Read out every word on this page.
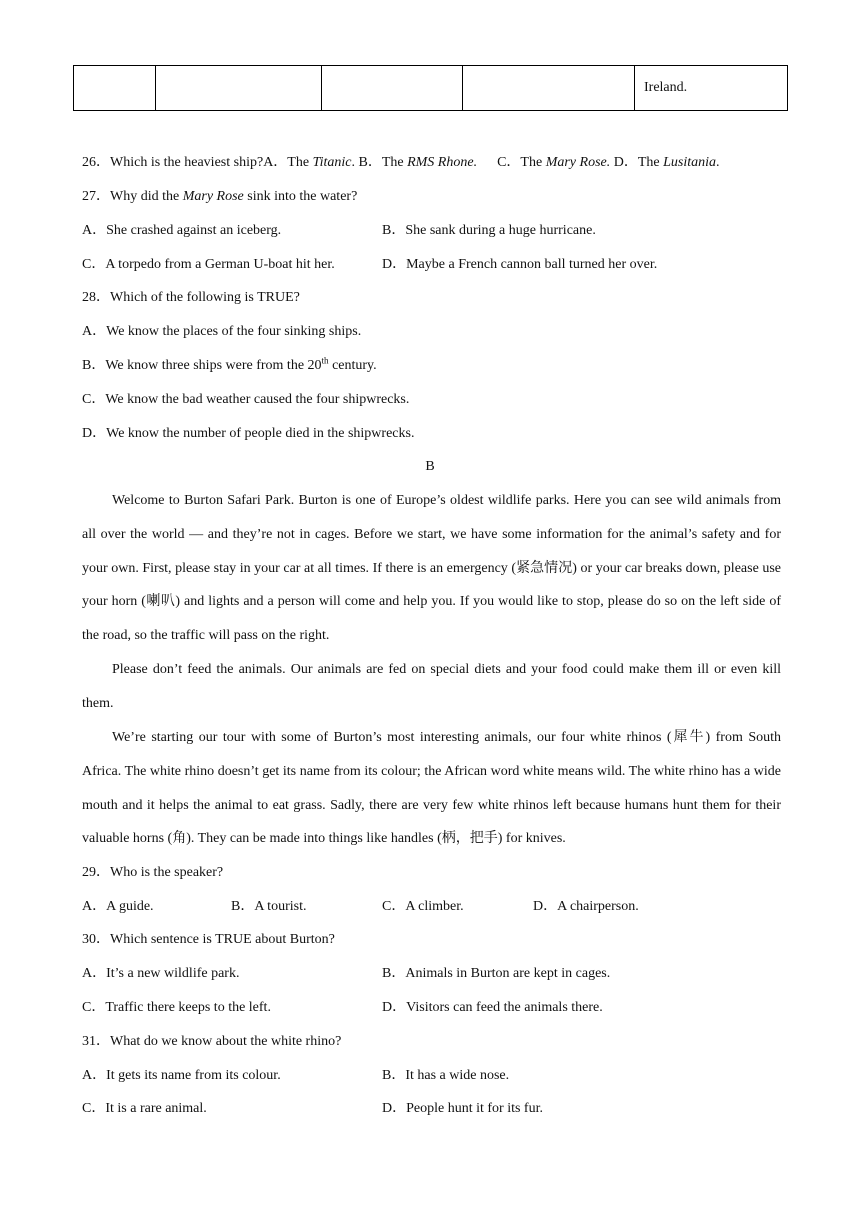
				Ireland.
26．Which is the heaviest ship?A．The Titanic. B．The RMS Rhone. C．The Mary Rose. D．The Lusitania.
27．Why did the Mary Rose sink into the water?
A．She crashed against an iceberg.	B．She sank during a huge hurricane.
C．A torpedo from a German U-boat hit her.	D．Maybe a French cannon ball turned her over.
28．Which of the following is TRUE?
A．We know the places of the four sinking ships.
B．We know three ships were from the 20th century.
C．We know the bad weather caused the four shipwrecks.
D．We know the number of people died in the shipwrecks.
B
Welcome to Burton Safari Park. Burton is one of Europe’s oldest wildlife parks. Here you can see wild animals from all over the world — and they’re not in cages. Before we start, we have some information for the animal’s safety and for your own. First, please stay in your car at all times. If there is an emergency (紧急情况) or your car breaks down, please use your horn (喇叭) and lights and a person will come and help you. If you would like to stop, please do so on the left side of the road, so the traffic will pass on the right.
Please don’t feed the animals. Our animals are fed on special diets and your food could make them ill or even kill them.
We’re starting our tour with some of Burton’s most interesting animals, our four white rhinos (犀牛) from South Africa. The white rhino doesn’t get its name from its colour; the African word white means wild. The white rhino has a wide mouth and it helps the animal to eat grass. Sadly, there are very few white rhinos left because humans hunt them for their valuable horns (角). They can be made into things like handles (柄，把手) for knives.
29．Who is the speaker?
A．A guide.	B．A tourist.	C．A climber.	D．A chairperson.
30．Which sentence is TRUE about Burton?
A．It’s a new wildlife park.	B．Animals in Burton are kept in cages.
C．Traffic there keeps to the left.	D．Visitors can feed the animals there.
31．What do we know about the white rhino?
A．It gets its name from its colour.	B．It has a wide nose.
C．It is a rare animal.	D．People hunt it for its fur.
